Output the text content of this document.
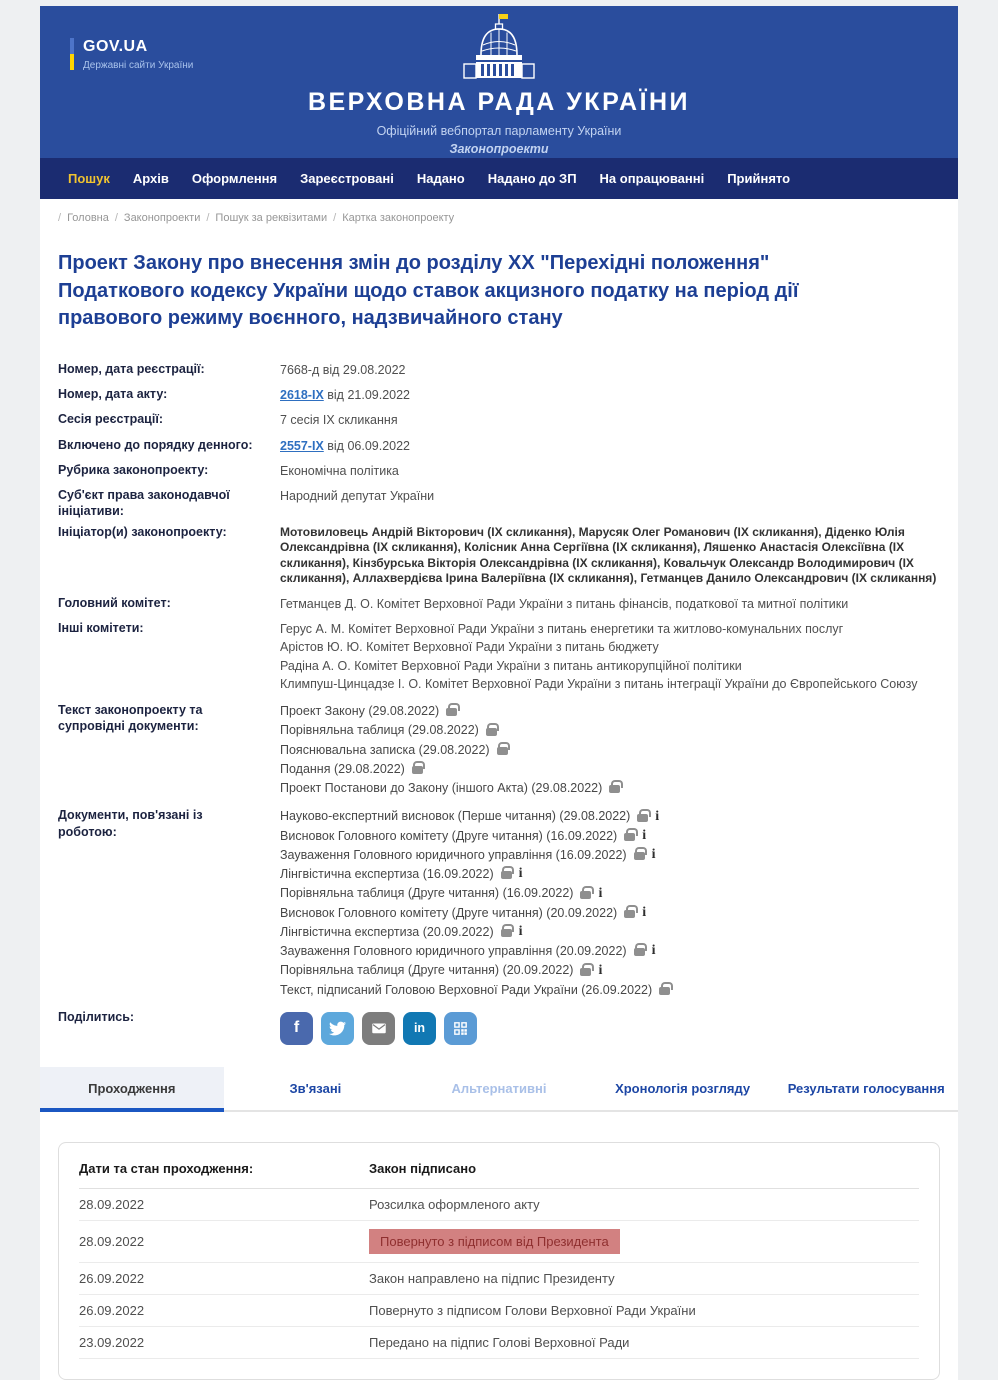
GOV.UA
Державні сайти України
ВЕРХОВНА РАДА УКРАЇНИ
Офіційний вебпортал парламенту України
Законопроекти
Пошук Архів Оформлення Зареєстровані Надано Надано до ЗП На опрацюванні Прийнято
/ Головна	/ Законопроекти	/ Пошук за реквізитами	/ Картка законопроекту
Проект Закону про внесення змін до розділу XX "Перехідні положення" Податкового кодексу України щодо ставок акцизного податку на період дії правового режиму воєнного, надзвичайного стану
Номер, дата реєстрації:	7668-д від 29.08.2022
Номер, дата акту:	2618-IX від 21.09.2022
Сесія реєстрації:	7 сесія IX скликання
Включено до порядку денного:	2557-IX від 06.09.2022
Рубрика законопроекту:	Економічна політика
Суб'єкт права законодавчої ініціативи:
Народний депутат України
Ініціатор(и) законопроекту:	Мотовиловець Андрій Вікторович (IX скликання), Марусяк Олег Романович (IX скликання), Діденко Юлія Олександрівна (IX скликання), Колісник Анна Сергіївна (IX скликання), Ляшенко Анастасія Олексіївна (IX скликання), Кінзбурська Вікторія Олександрівна (IX скликання), Ковальчук Олександр Володимирович (IX скликання), Аллахвердієва Ірина Валеріївна (IX скликання), Гетманцев Данило Олександрович (IX скликання)
Головний комітет:	Гетманцев Д. О. Комітет Верховної Ради України з питань фінансів, податкової та митної політики
Інші комітети:	Герус А. М. Комітет Верховної Ради України з питань енергетики та житлово-комунальних послуг
Арістов Ю. Ю. Комітет Верховної Ради України з питань бюджету
Радіна А. О. Комітет Верховної Ради України з питань антикорупційної політики
Климпуш-Цинцадзе І. О. Комітет Верховної Ради України з питань інтеграції України до Європейського Союзу
Текст законопроекту та супровідні документи:
Проект Закону (29.08.2022)
Порівняльна таблиця (29.08.2022)
Пояснювальна записка (29.08.2022)
Подання (29.08.2022)
Проект Постанови до Закону (іншого Акта) (29.08.2022)
Документи, пов'язані із роботою:
Науково-експертний висновок (Перше читання) (29.08.2022)
i
Висновок Головного комітету (Друге читання) (16.09.2022)
i
Зауваження Головного юридичного управління (16.09.2022)
i
Лінгвістична експертиза (16.09.2022)
i
Порівняльна таблиця (Друге читання) (16.09.2022)
i
Висновок Головного комітету (Друге читання) (20.09.2022)
i
Лінгвістична експертиза (20.09.2022)
i
Зауваження Головного юридичного управління (20.09.2022)
i
Порівняльна таблиця (Друге читання) (20.09.2022)
i
Текст, підписаний Головою Верховної Ради України (26.09.2022)
Поділитись:
f	in
Проходження	Зв'язані	Альтернативні	Хронологія розгляду	Результати голосування
Дати та стан проходження:	Закон підписано
28.09.2022	Розсилка оформленого акту
28.09.2022	Повернуто з підписом від Президента
26.09.2022	Закон направлено на підпис Президенту
26.09.2022	Повернуто з підписом Голови Верховної Ради України
23.09.2022	Передано на підпис Голові Верховної Ради
